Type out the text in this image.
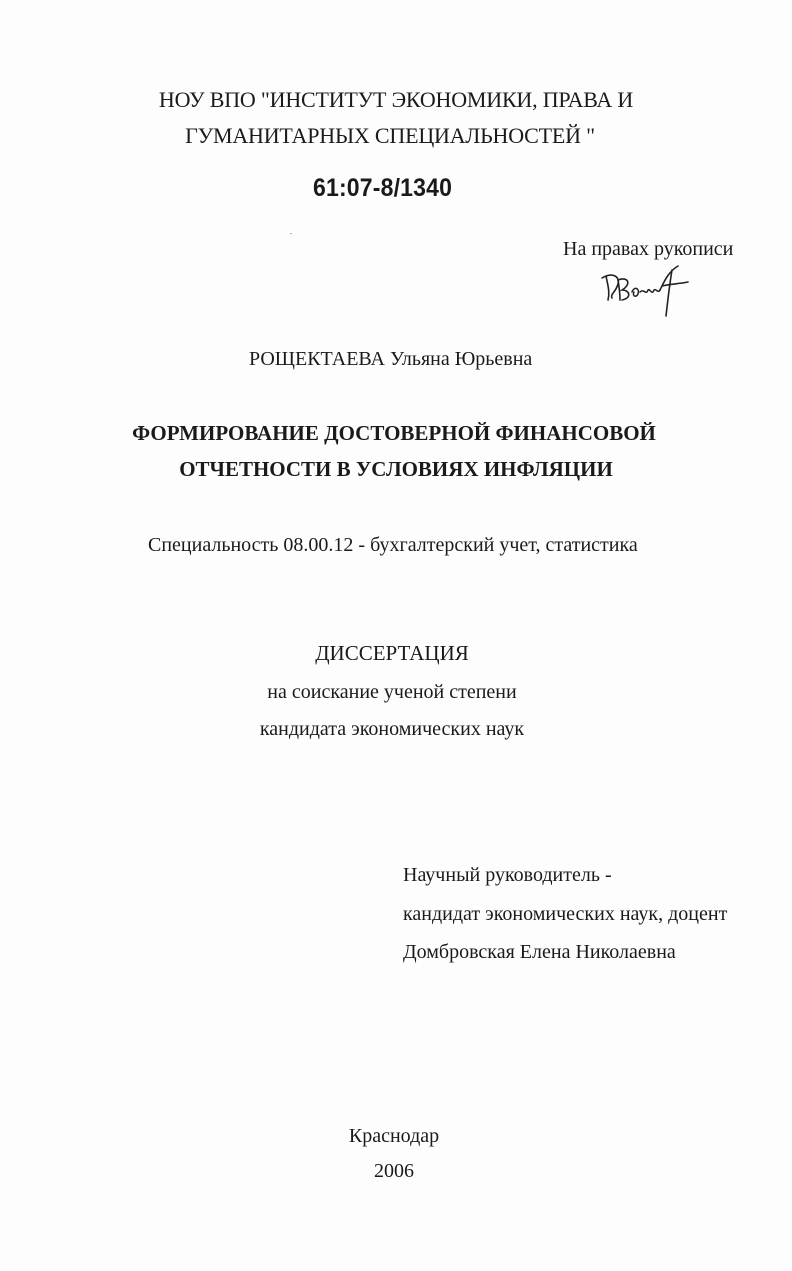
НОУ ВПО "ИНСТИТУТ ЭКОНОМИКИ, ПРАВА И
ГУМАНИТАРНЫХ СПЕЦИАЛЬНОСТЕЙ "
61:07-8/1340
На правах рукописи
РОЩЕКТАЕВА Ульяна Юрьевна
ФОРМИРОВАНИЕ ДОСТОВЕРНОЙ ФИНАНСОВОЙ
ОТЧЕТНОСТИ В УСЛОВИЯХ ИНФЛЯЦИИ
Специальность 08.00.12 - бухгалтерский учет, статистика
ДИССЕРТАЦИЯ
на соискание ученой степени
кандидата экономических наук
Научный руководитель -
кандидат экономических наук, доцент
Домбровская Елена Николаевна
Краснодар
2006
